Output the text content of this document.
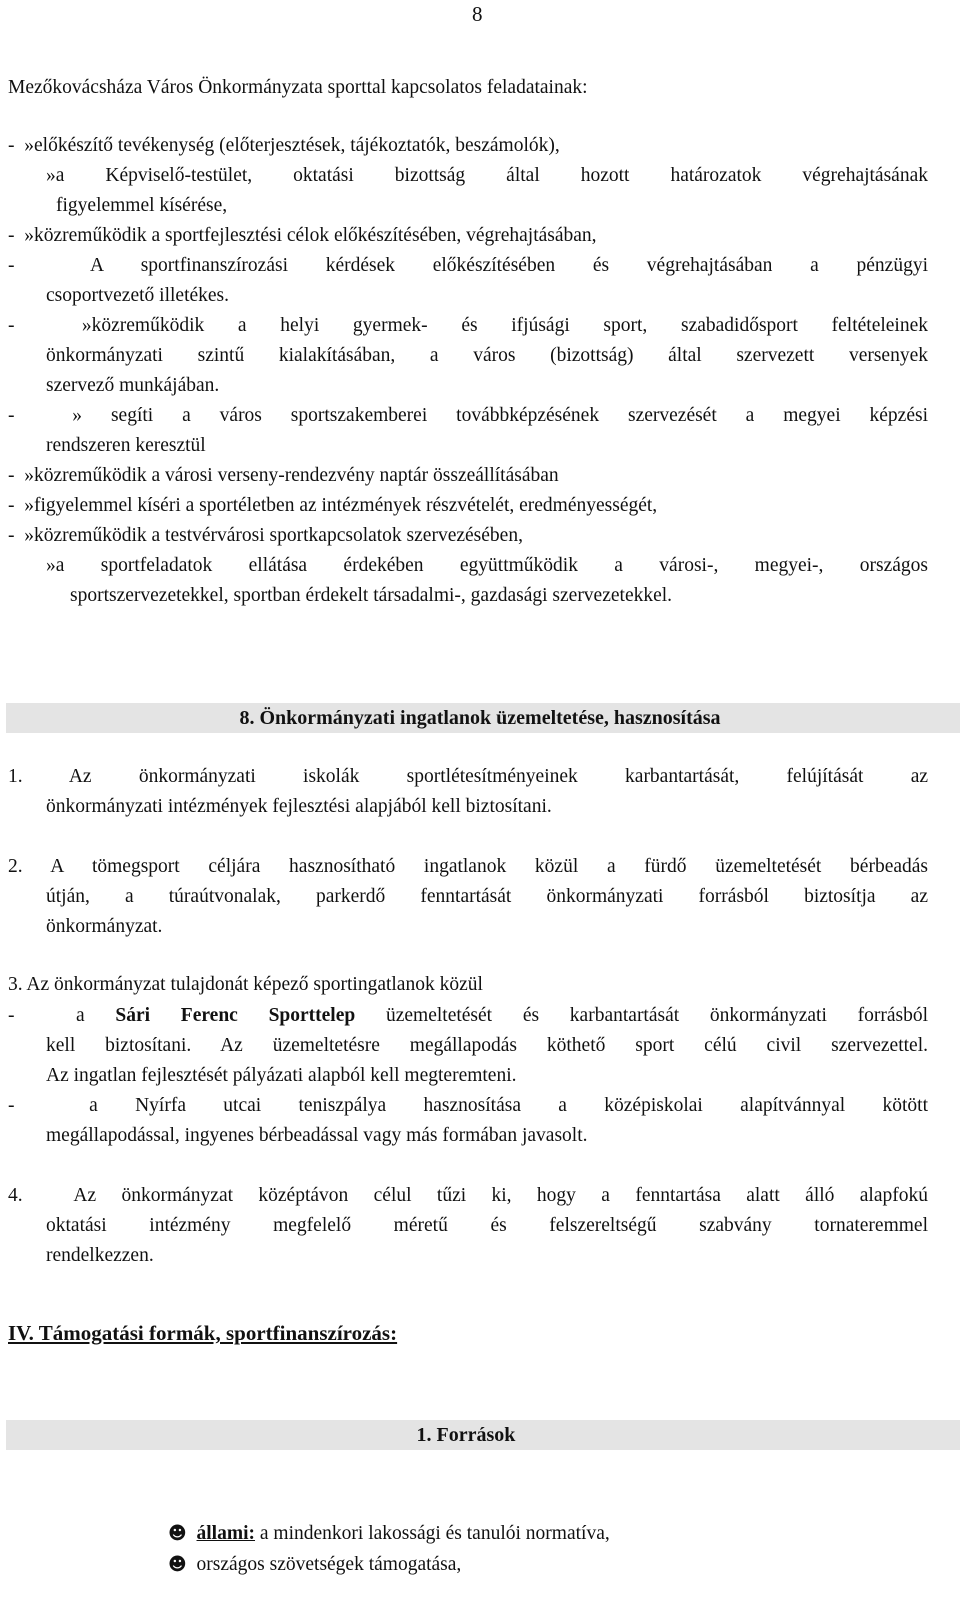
8
Mezőkovácsháza Város Önkormányzata sporttal kapcsolatos feladatainak:
-  »előkészítő tevékenység (előterjesztések, tájékoztatók, beszámolók),
»a Képviselő-testület, oktatási bizottság által hozott határozatok végrehajtásának
figyelemmel kísérése,
-  »közreműködik a sportfejlesztési célok előkészítésében, végrehajtásában,
-  A sportfinanszírozási kérdések előkészítésében és végrehajtásában a pénzügyi
csoportvezető illetékes.
-  »közreműködik a helyi gyermek- és ifjúsági sport, szabadidősport feltételeinek
önkormányzati szintű kialakításában, a város (bizottság) által szervezett versenyek
szervező munkájában.
-  » segíti a város sportszakemberei továbbképzésének szervezését a megyei képzési
rendszeren keresztül
-  »közreműködik a városi verseny-rendezvény naptár összeállításában
-  »figyelemmel kíséri a sportéletben az intézmények részvételét, eredményességét,
-  »közreműködik a testvérvárosi sportkapcsolatok szervezésében,
»a sportfeladatok ellátása érdekében együttműködik a városi-, megyei-, országos
sportszervezetekkel, sportban érdekelt társadalmi-, gazdasági szervezetekkel.
8. Önkormányzati ingatlanok üzemeltetése, hasznosítása
1. Az önkormányzati iskolák sportlétesítményeinek karbantartását, felújítását az
önkormányzati intézmények fejlesztési alapjából kell biztosítani.
2. A tömegsport céljára hasznosítható ingatlanok közül a fürdő üzemeltetését bérbeadás
útján, a túraútvonalak, parkerdő fenntartását önkormányzati forrásból biztosítja az
önkormányzat.
3. Az önkormányzat tulajdonát képező sportingatlanok közül
-  a Sári Ferenc Sporttelep üzemeltetését és karbantartását önkormányzati forrásból
kell biztosítani. Az üzemeltetésre megállapodás köthető sport célú civil szervezettel.
Az ingatlan fejlesztését pályázati alapból kell megteremteni.
-  a Nyírfa utcai teniszpálya hasznosítása a középiskolai alapítvánnyal kötött
megállapodással, ingyenes bérbeadással vagy más formában javasolt.
4.  Az önkormányzat középtávon célul tűzi ki, hogy a fenntartása alatt álló alapfokú
oktatási intézmény megfelelő méretű és felszereltségű szabvány tornateremmel
rendelkezzen.
IV. Támogatási formák, sportfinanszírozás:
1. Források
☻ állami: a mindenkori lakossági és tanulói normatíva,
☻ országos szövetségek támogatása,
